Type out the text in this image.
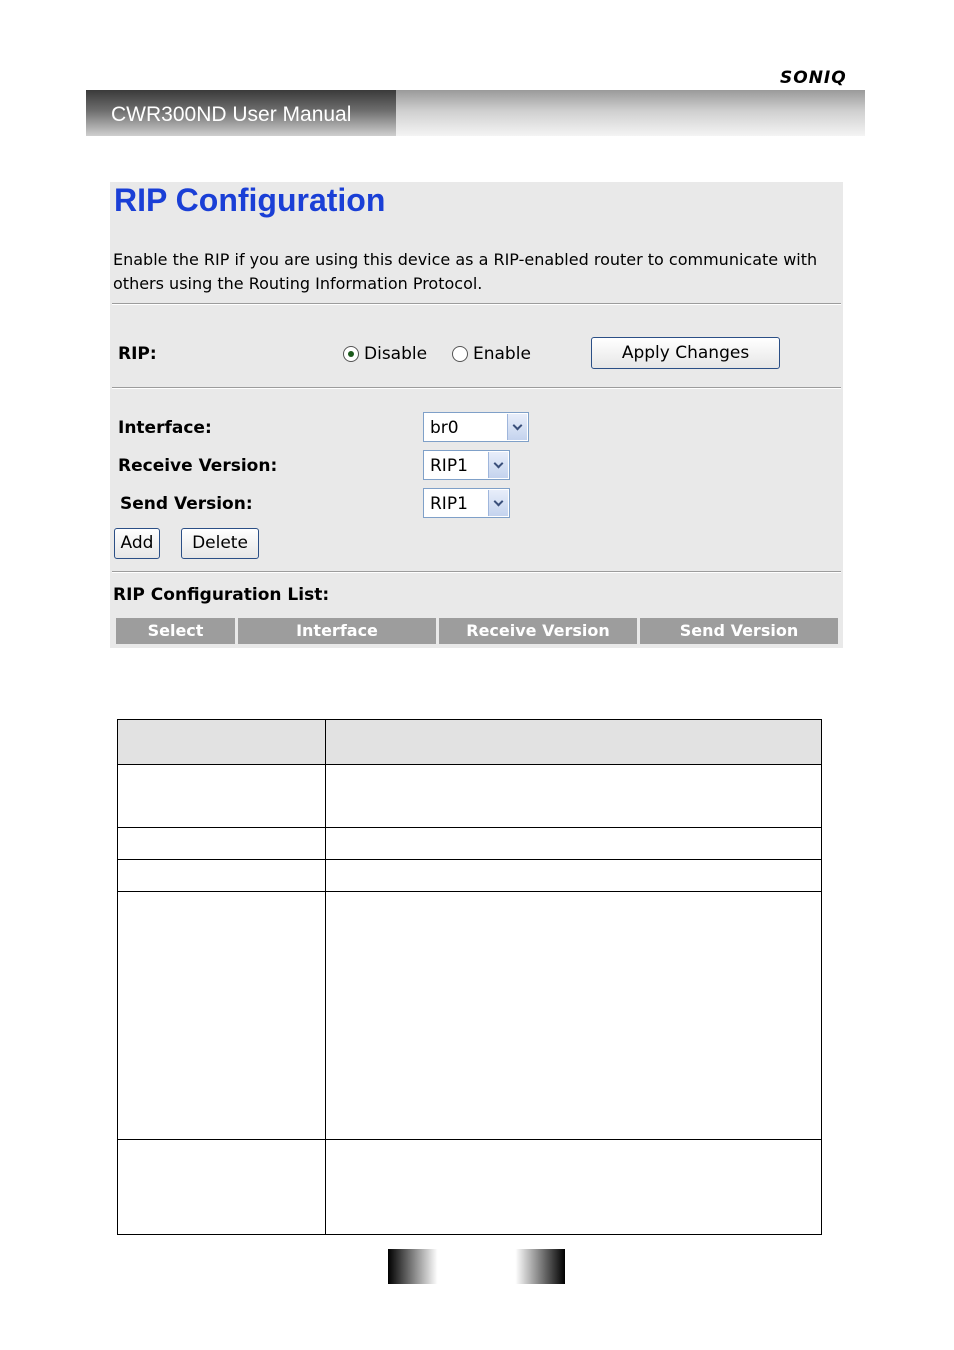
SONIQ
CWR300ND User Manual
RIP Configuration
Enable the RIP if you are using this device as a RIP-enabled router to communicate with others using the Routing Information Protocol.
RIP:	Disable	Enable	Apply Changes
Interface:	br0
Receive Version:	RIP1
Send Version:	RIP1
Add	Delete
RIP Configuration List:
Select	Interface	Receive Version	Send Version
